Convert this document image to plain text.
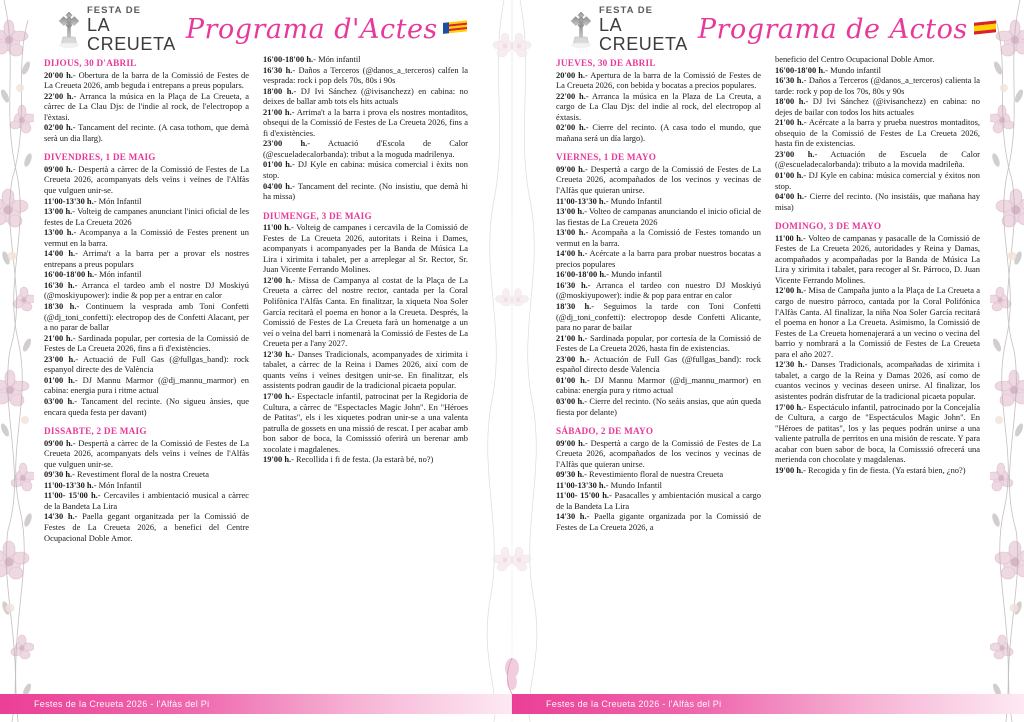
FESTA DE
LA CREUETA Programa d'Actes
DIJOUS, 30 D'ABRIL

20'00 h.- Obertura de la barra de la Comissió de Festes de La Creueta 2026, amb beguda i entrepans a preus populars.

22'00 h.- Arranca la música en la Plaça de La Creueta, a càrrec de La Clau Djs: de l'indie al rock, de l'electropop a l'èxtasi.

02'00 h.- Tancament del recinte. (A casa tothom, que demà serà un dia llarg).

DIVENDRES, 1 DE MAIG

09'00 h.- Despertà a càrrec de la Comissió de Festes de La Creueta 2026, acompanyats dels veïns i veïnes de l'Alfàs que vulguen unir-se.

11'00-13'30 h.- Món Infantil

13'00 h.- Volteig de campanes anunciant l'inici oficial de les festes de La Creueta 2026

13'00 h.- Acompanya a la Comissió de Festes prenent un vermut en la barra.

14'00 h.- Arrima't a la barra per a provar els nostres entrepans a preus populars

16'00-18'00 h.- Món infantil

16'30 h.- Arranca el tardeo amb el nostre DJ Moskiyú (@moskiyupower): indie & pop per a entrar en calor

18'30 h.- Continuem la vesprada amb Toni Confetti (@dj_toni_confetti): electropop des de Confetti Alacant, per a no parar de ballar

21'00 h.- Sardinada popular, per cortesia de la Comissió de Festes de La Creueta 2026, fins a fi d'existències.

23'00 h.- Actuació de Full Gas (@fullgas_band): rock espanyol directe des de València

01'00 h.- DJ Mannu Marmor (@dj_mannu_marmor) en cabina: energia pura i ritme actual

03'00 h.- Tancament del recinte. (No sigueu ànsies, que encara queda festa per davant)

DISSABTE, 2 DE MAIG

09'00 h.- Despertà a càrrec de la Comissió de Festes de La Creueta 2026, acompanyats dels veïns i veïnes de l'Alfàs que vulguen unir-se.

09'30 h.- Revestiment floral de la nostra Creueta

11'00-13'30 h.- Món Infantil

11'00- 15'00 h.- Cercaviles i ambientació musical a càrrec de la Bandeta La Lira

14'30 h.- Paella gegant organitzada per la Comissió de Festes de La Creueta 2026, a benefici del Centre Ocupacional Doble Amor.

16'00-18'00 h.- Món infantil

16'30 h.- Daños a Terceros (@danos_a_terceros) calfen la vesprada: rock i pop dels 70s, 80s i 90s

18'00 h.- DJ Ivi Sánchez (@ivisanchezz) en cabina: no deixes de ballar amb tots els hits actuals

21'00 h.- Arrima't a la barra i prova els nostres montaditos, obsequi de la Comissió de Festes de La Creueta 2026, fins a fi d'existències.

23'00 h.- Actuació d'Escola de Calor (@escueladecalorbanda): tribut a la moguda madrilenya.

01'00 h.- DJ Kyle en cabina: música comercial i èxits non stop.

04'00 h.- Tancament del recinte. (No insistiu, que demà hi ha missa)

DIUMENGE, 3 DE MAIG

11'00 h.- Volteig de campanes i cercavila de la Comissió de Festes de La Creueta 2026, autoritats i Reina i Dames, acompanyats i acompanyades per la Banda de Música La Lira i xirimita i tabalet, per a arreplegar al Sr. Rector, Sr. Juan Vicente Ferrando Molines.

12'00 h.- Missa de Campanya al costat de la Plaça de La Creueta a càrrec del nostre rector, cantada per la Coral Polifònica l'Alfàs Canta. En finalitzar, la xiqueta Noa Soler García recitarà el poema en honor a la Creueta. Després, la Comissió de Festes de La Creueta farà un homenatge a un veí o veïna del barri i nomenarà la Comissió de Festes de La Creueta per a l'any 2027.

12'30 h.- Danses Tradicionals, acompanyades de xirimita i tabalet, a càrrec de la Reina i Dames 2026, així com de quants veïns i veïnes desitgen unir-se. En finalitzar, els assistents podran gaudir de la tradicional picaeta popular.

17'00 h.- Espectacle infantil, patrocinat per la Regidoria de Cultura, a càrrec de "Espectacles Magic John". En "Héroes de Patitas", els i les xiquetes podran unir-se a una valenta patrulla de gossets en una missió de rescat. I per acabar amb bon sabor de boca, la Comisssió oferirà un berenar amb xocolate i magdalenes.

19'00 h.- Recollida i fi de festa. (Ja estarà bé, no?)

Festes de la Creueta 2026 - l'Alfàs del Pi
FESTA DE
LA CREUETA Programa de Actos
JUEVES, 30 DE ABRIL

20'00 h.- Apertura de la barra de la Comissió de Festes de La Creueta 2026, con bebida y bocatas a precios populares.

22'00 h.- Arranca la música en la Plaza de La Creuta, a cargo de La Clau Djs: del indie al rock, del electropop al éxtasis.

02'00 h.- Cierre del recinto. (A casa todo el mundo, que mañana será un día largo).

VIERNES, 1 DE MAYO

09'00 h.- Despertà a cargo de la Comissió de Festes de La Creueta 2026, acompañados de los vecinos y vecinas de l'Alfàs que quieran unirse.

11'00-13'30 h.- Mundo Infantil

13'00 h.- Volteo de campanas anunciando el inicio oficial de las fiestas de La Creueta 2026

13'00 h.- Acompaña a la Comissió de Festes tomando un vermut en la barra.

14'00 h.- Acércate a la barra para probar nuestros bocatas a precios populares

16'00-18'00 h.- Mundo infantil

16'30 h.- Arranca el tardeo con nuestro DJ Moskiyú (@moskiyupower): indie & pop para entrar en calor

18'30 h.- Seguimos la tarde con Toni Confetti (@dj_toni_confetti): electropop desde Confetti Alicante, para no parar de bailar

21'00 h.- Sardinada popular, por cortesía de la Comissió de Festes de La Creueta 2026, hasta fin de existencias.

23'00 h.- Actuación de Full Gas (@fullgas_band): rock español directo desde Valencia

01'00 h.- DJ Mannu Marmor (@dj_mannu_marmor) en cabina: energía pura y ritmo actual

03'00 h.- Cierre del recinto. (No seáis ansias, que aún queda fiesta por delante)

SÁBADO, 2 DE MAYO

09'00 h.- Despertà a cargo de la Comissió de Festes de La Creueta 2026, acompañados de los vecinos y vecinas de l'Alfàs que quieran unirse.

09'30 h.- Revestimiento floral de nuestra Creueta

11'00-13'30 h.- Mundo Infantil

11'00- 15'00 h.- Pasacalles y ambientación musical a cargo de la Bandeta La Lira

14'30 h.- Paella gigante organizada por la Comissió de Festes de La Creueta 2026, a

beneficio del Centro Ocupacional Doble Amor.

16'00-18'00 h.- Mundo infantil

16'30 h.- Daños a Terceros (@danos_a_terceros) calienta la tarde: rock y pop de los 70s, 80s y 90s

18'00 h.- DJ Ivi Sánchez (@ivisanchezz) en cabina: no dejes de bailar con todos los hits actuales

21'00 h.- Acércate a la barra y prueba nuestros montaditos, obsequio de la Comissió de Festes de La Creueta 2026, hasta fin de existencias.

23'00 h.- Actuación de Escuela de Calor (@escueladecalorbanda): tributo a la movida madrileña.

01'00 h.- DJ Kyle en cabina: música comercial y éxitos non stop.

04'00 h.- Cierre del recinto. (No insistáis, que mañana hay misa)

DOMINGO, 3 DE MAYO

11'00 h.- Volteo de campanas y pasacalle de la Comissió de Festes de La Creueta 2026, autoridades y Reina y Damas, acompañados y acompañadas por la Banda de Música La Lira y xirimita i tabalet, para recoger al Sr. Párroco, D. Juan Vicente Ferrando Molines.

12'00 h.- Misa de Campaña junto a la Plaça de La Creueta a cargo de nuestro párroco, cantada por la Coral Polifónica l'Alfàs Canta. Al finalizar, la niña Noa Soler García recitará el poema en honor a La Creueta. Asimismo, la Comissió de Festes de La Creueta homenajerará a un vecino o vecina del barrio y nombrará a la Comissió de Festes de La Creueta para el año 2027.

12'30 h.- Danses Tradicionals, acompañadas de xirimita i tabalet, a cargo de la Reina y Damas 2026, así como de cuantos vecinos y vecinas deseen unirse. Al finalizar, los asistentes podrán disfrutar de la tradicional picaeta popular.

17'00 h.- Espectáculo infantil, patrocinado por la Concejalía de Cultura, a cargo de "Espectáculos Magic John". En "Héroes de patitas", los y las peques podrán unirse a una valiente patrulla de perritos en una misión de rescate. Y para acabar con buen sabor de boca, la Comisssió ofrecerá una merienda con chocolate y magdalenas.

19'00 h.- Recogida y fin de fiesta. (Ya estará bien, ¿no?)

Festes de la Creueta 2026 - l'Alfàs del Pi
